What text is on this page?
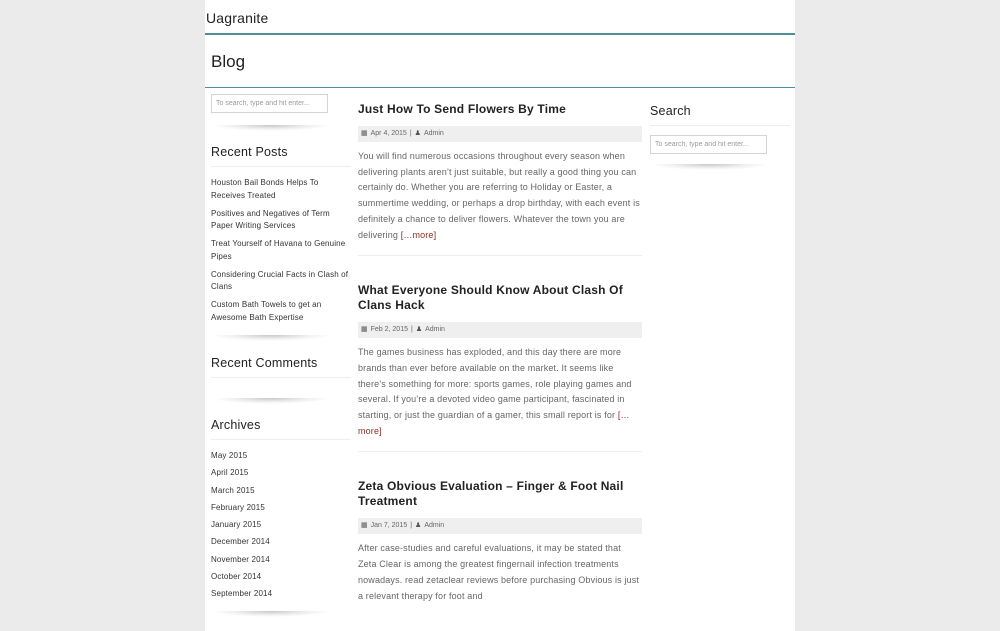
Uagranite
Blog
To search, type and hit enter...
Recent Posts
Houston Bail Bonds Helps To Receives Treated
Positives and Negatives of Term Paper Writing Services
Treat Yourself of Havana to Genuine Pipes
Considering Crucial Facts in Clash of Clans
Custom Bath Towels to get an Awesome Bath Expertise
Recent Comments
Archives
May 2015
April 2015
March 2015
February 2015
January 2015
December 2014
November 2014
October 2014
September 2014
Just How To Send Flowers By Time
▦ Apr 4, 2015 | ♟ Admin
You will find numerous occasions throughout every season when delivering plants aren’t just suitable, but really a good thing you can certainly do. Whether you are referring to Holiday or Easter, a summertime wedding, or perhaps a drop birthday, with each event is definitely a chance to deliver flowers. Whatever the town you are delivering […more]
What Everyone Should Know About Clash Of Clans Hack
▦ Feb 2, 2015 | ♟ Admin
The games business has exploded, and this day there are more brands than ever before available on the market. It seems like there’s something for more: sports games, role playing games and several. If you’re a devoted video game participant, fascinated in starting, or just the guardian of a gamer, this small report is for […more]
Zeta Obvious Evaluation – Finger & Foot Nail Treatment
▦ Jan 7, 2015 | ♟ Admin
After case-studies and careful evaluations, it may be stated that Zeta Clear is among the greatest fingernail infection treatments nowadays. read zetaclear reviews before purchasing Obvious is just a relevant therapy for foot and
Search
To search, type and hit enter...
